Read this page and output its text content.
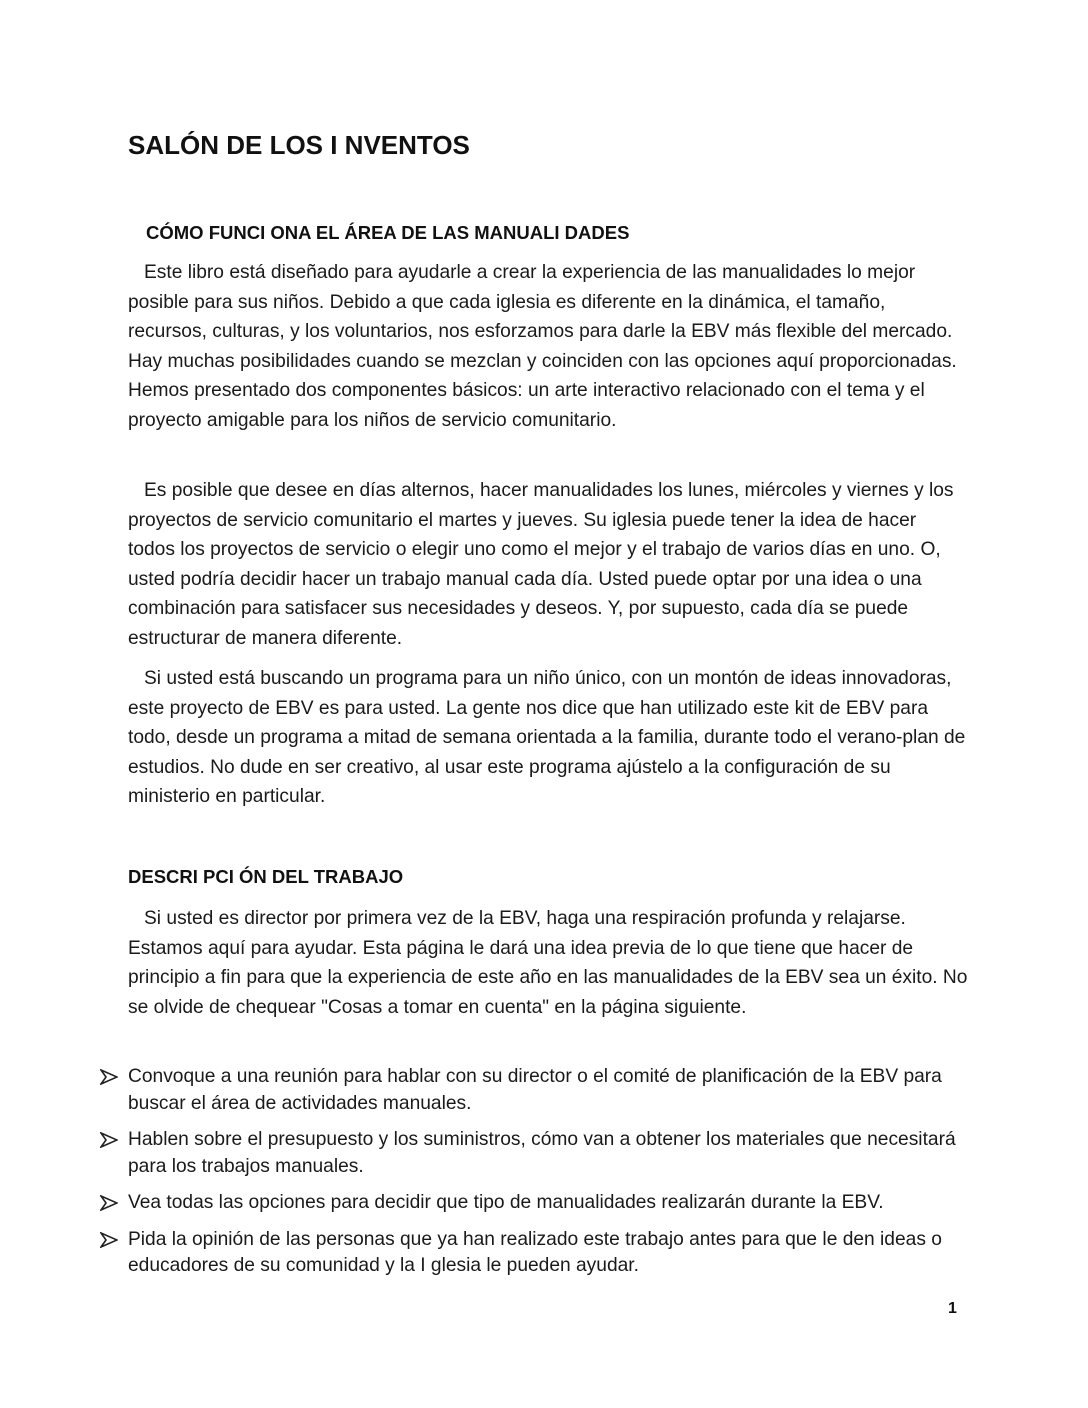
SALÓN DE LOS I NVENTOS
CÓMO FUNCI ONA EL ÁREA DE LAS MANUALI DADES

Este libro está diseñado para ayudarle a crear la experiencia de las manualidades lo mejor posible para sus niños. Debido a que cada iglesia es diferente en la dinámica, el tamaño, recursos, culturas, y los voluntarios, nos esforzamos para darle la EBV más flexible del mercado. Hay muchas posibilidades cuando se mezclan y coinciden con las opciones aquí proporcionadas. Hemos presentado dos componentes básicos: un arte interactivo relacionado con el tema y el proyecto amigable para los niños de servicio comunitario.

Es posible que desee en días alternos, hacer manualidades los lunes, miércoles y viernes y los proyectos de servicio comunitario el martes y jueves. Su iglesia puede tener la idea de hacer todos los proyectos de servicio o elegir uno como el mejor y el trabajo de varios días en uno. O, usted podría decidir hacer un trabajo manual cada día. Usted puede optar por una idea o una combinación para satisfacer sus necesidades y deseos. Y, por supuesto, cada día se puede estructurar de manera diferente.

Si usted está buscando un programa para un niño único, con un montón de ideas innovadoras, este proyecto de EBV es para usted. La gente nos dice que han utilizado este kit de EBV para todo, desde un programa a mitad de semana orientada a la familia, durante todo el verano-plan de estudios. No dude en ser creativo, al usar este programa ajústelo a la configuración de su ministerio en particular.

DESCRI PCI ÓN DEL TRABAJO

Si usted es director por primera vez de la EBV, haga una respiración profunda y relajarse. Estamos aquí para ayudar. Esta página le dará una idea previa de lo que tiene que hacer de principio a fin para que la experiencia de este año en las manualidades de la EBV sea un éxito. No se olvide de chequear "Cosas a tomar en cuenta" en la página siguiente.

Convoque a una reunión para hablar con su director o el comité de planificación de la EBV para buscar el área de actividades manuales.
Hablen sobre el presupuesto y los suministros, cómo van a obtener los materiales que necesitará para los trabajos manuales.
Vea todas las opciones para decidir que tipo de manualidades realizarán durante la EBV.
Pida la opinión de las personas que ya han realizado este trabajo antes para que le den ideas o educadores de su comunidad y la I glesia le pueden ayudar.
1
